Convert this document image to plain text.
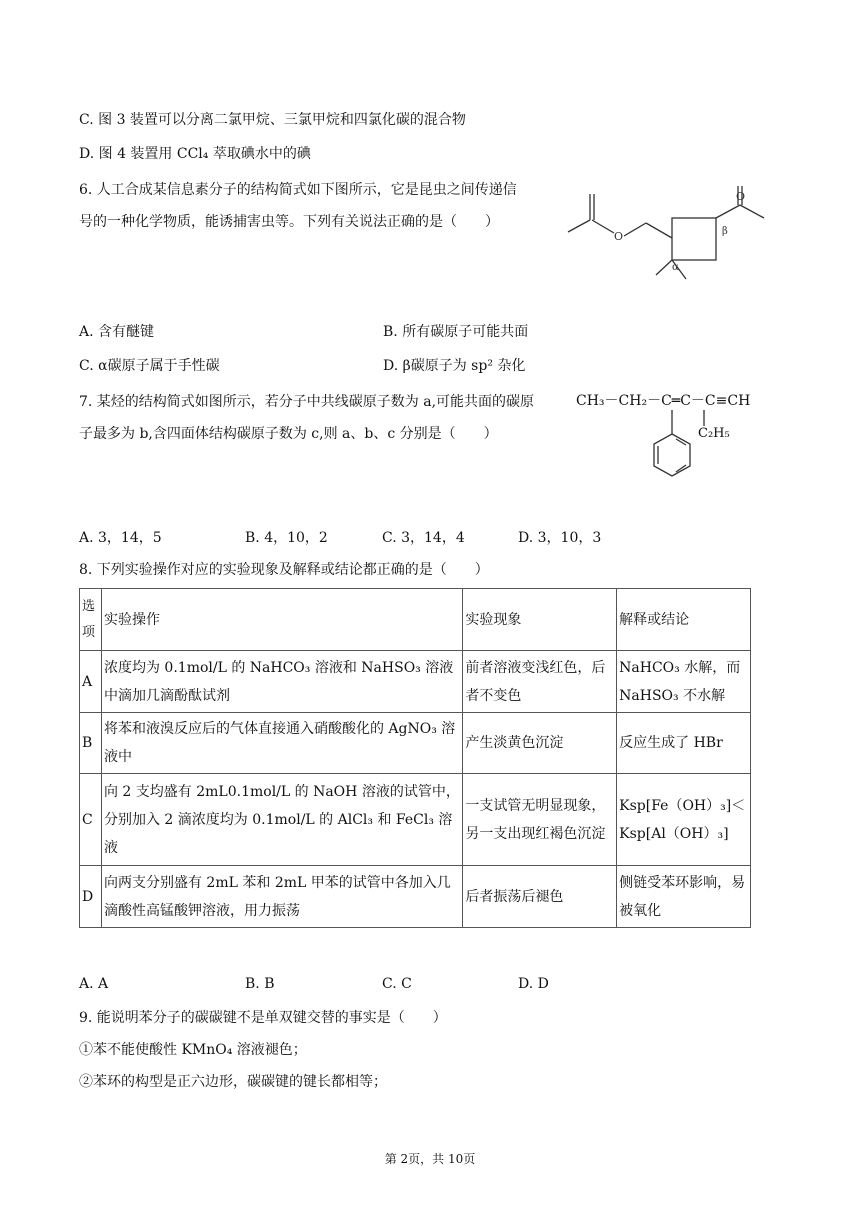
C. 图 3 装置可以分离二氯甲烷、三氯甲烷和四氯化碳的混合物
D. 图 4 装置用 CCl₄ 萃取碘水中的碘
6. 人工合成某信息素分子的结构简式如下图所示，它是昆虫之间传递信
号的一种化学物质，能诱捕害虫等。下列有关说法正确的是（　　）
O
O
α
β
A. 含有醚键	B. 所有碳原子可能共面
C. α碳原子属于手性碳	D. β碳原子为 sp² 杂化
7. 某烃的结构简式如图所示，若分子中共线碳原子数为 a,可能共面的碳原
子最多为 b,含四面体结构碳原子数为 c,则 a、b、c 分别是（　　）
CH₃－CH₂－C═C－C≡CH
C₂H₅
A. 3，14，5	B. 4，10，2	C. 3，14，4	D. 3，10，3
8. 下列实验操作对应的实验现象及解释或结论都正确的是（　　）
选项	实验操作	实验现象	解释或结论
A	浓度均为 0.1mol/L 的 NaHCO₃ 溶液和 NaHSO₃ 溶液中滴加几滴酚酞试剂	前者溶液变浅红色，后者不变色	NaHCO₃ 水解，而 NaHSO₃ 不水解
B	将苯和液溴反应后的气体直接通入硝酸酸化的 AgNO₃ 溶液中	产生淡黄色沉淀	反应生成了 HBr
C	向 2 支均盛有 2mL0.1mol/L 的 NaOH 溶液的试管中，分别加入 2 滴浓度均为 0.1mol/L 的 AlCl₃ 和 FeCl₃ 溶液	一支试管无明显现象，另一支出现红褐色沉淀	Ksp[Fe（OH）₃]＜Ksp[Al（OH）₃]
D	向两支分别盛有 2mL 苯和 2mL 甲苯的试管中各加入几滴酸性高锰酸钾溶液，用力振荡	后者振荡后褪色	侧链受苯环影响，易被氧化
A. A	B. B	C. C	D. D
9. 能说明苯分子的碳碳键不是单双键交替的事实是（　　）
①苯不能使酸性 KMnO₄ 溶液褪色；
②苯环的构型是正六边形，碳碳键的键长都相等；
第 2页，共 10页
